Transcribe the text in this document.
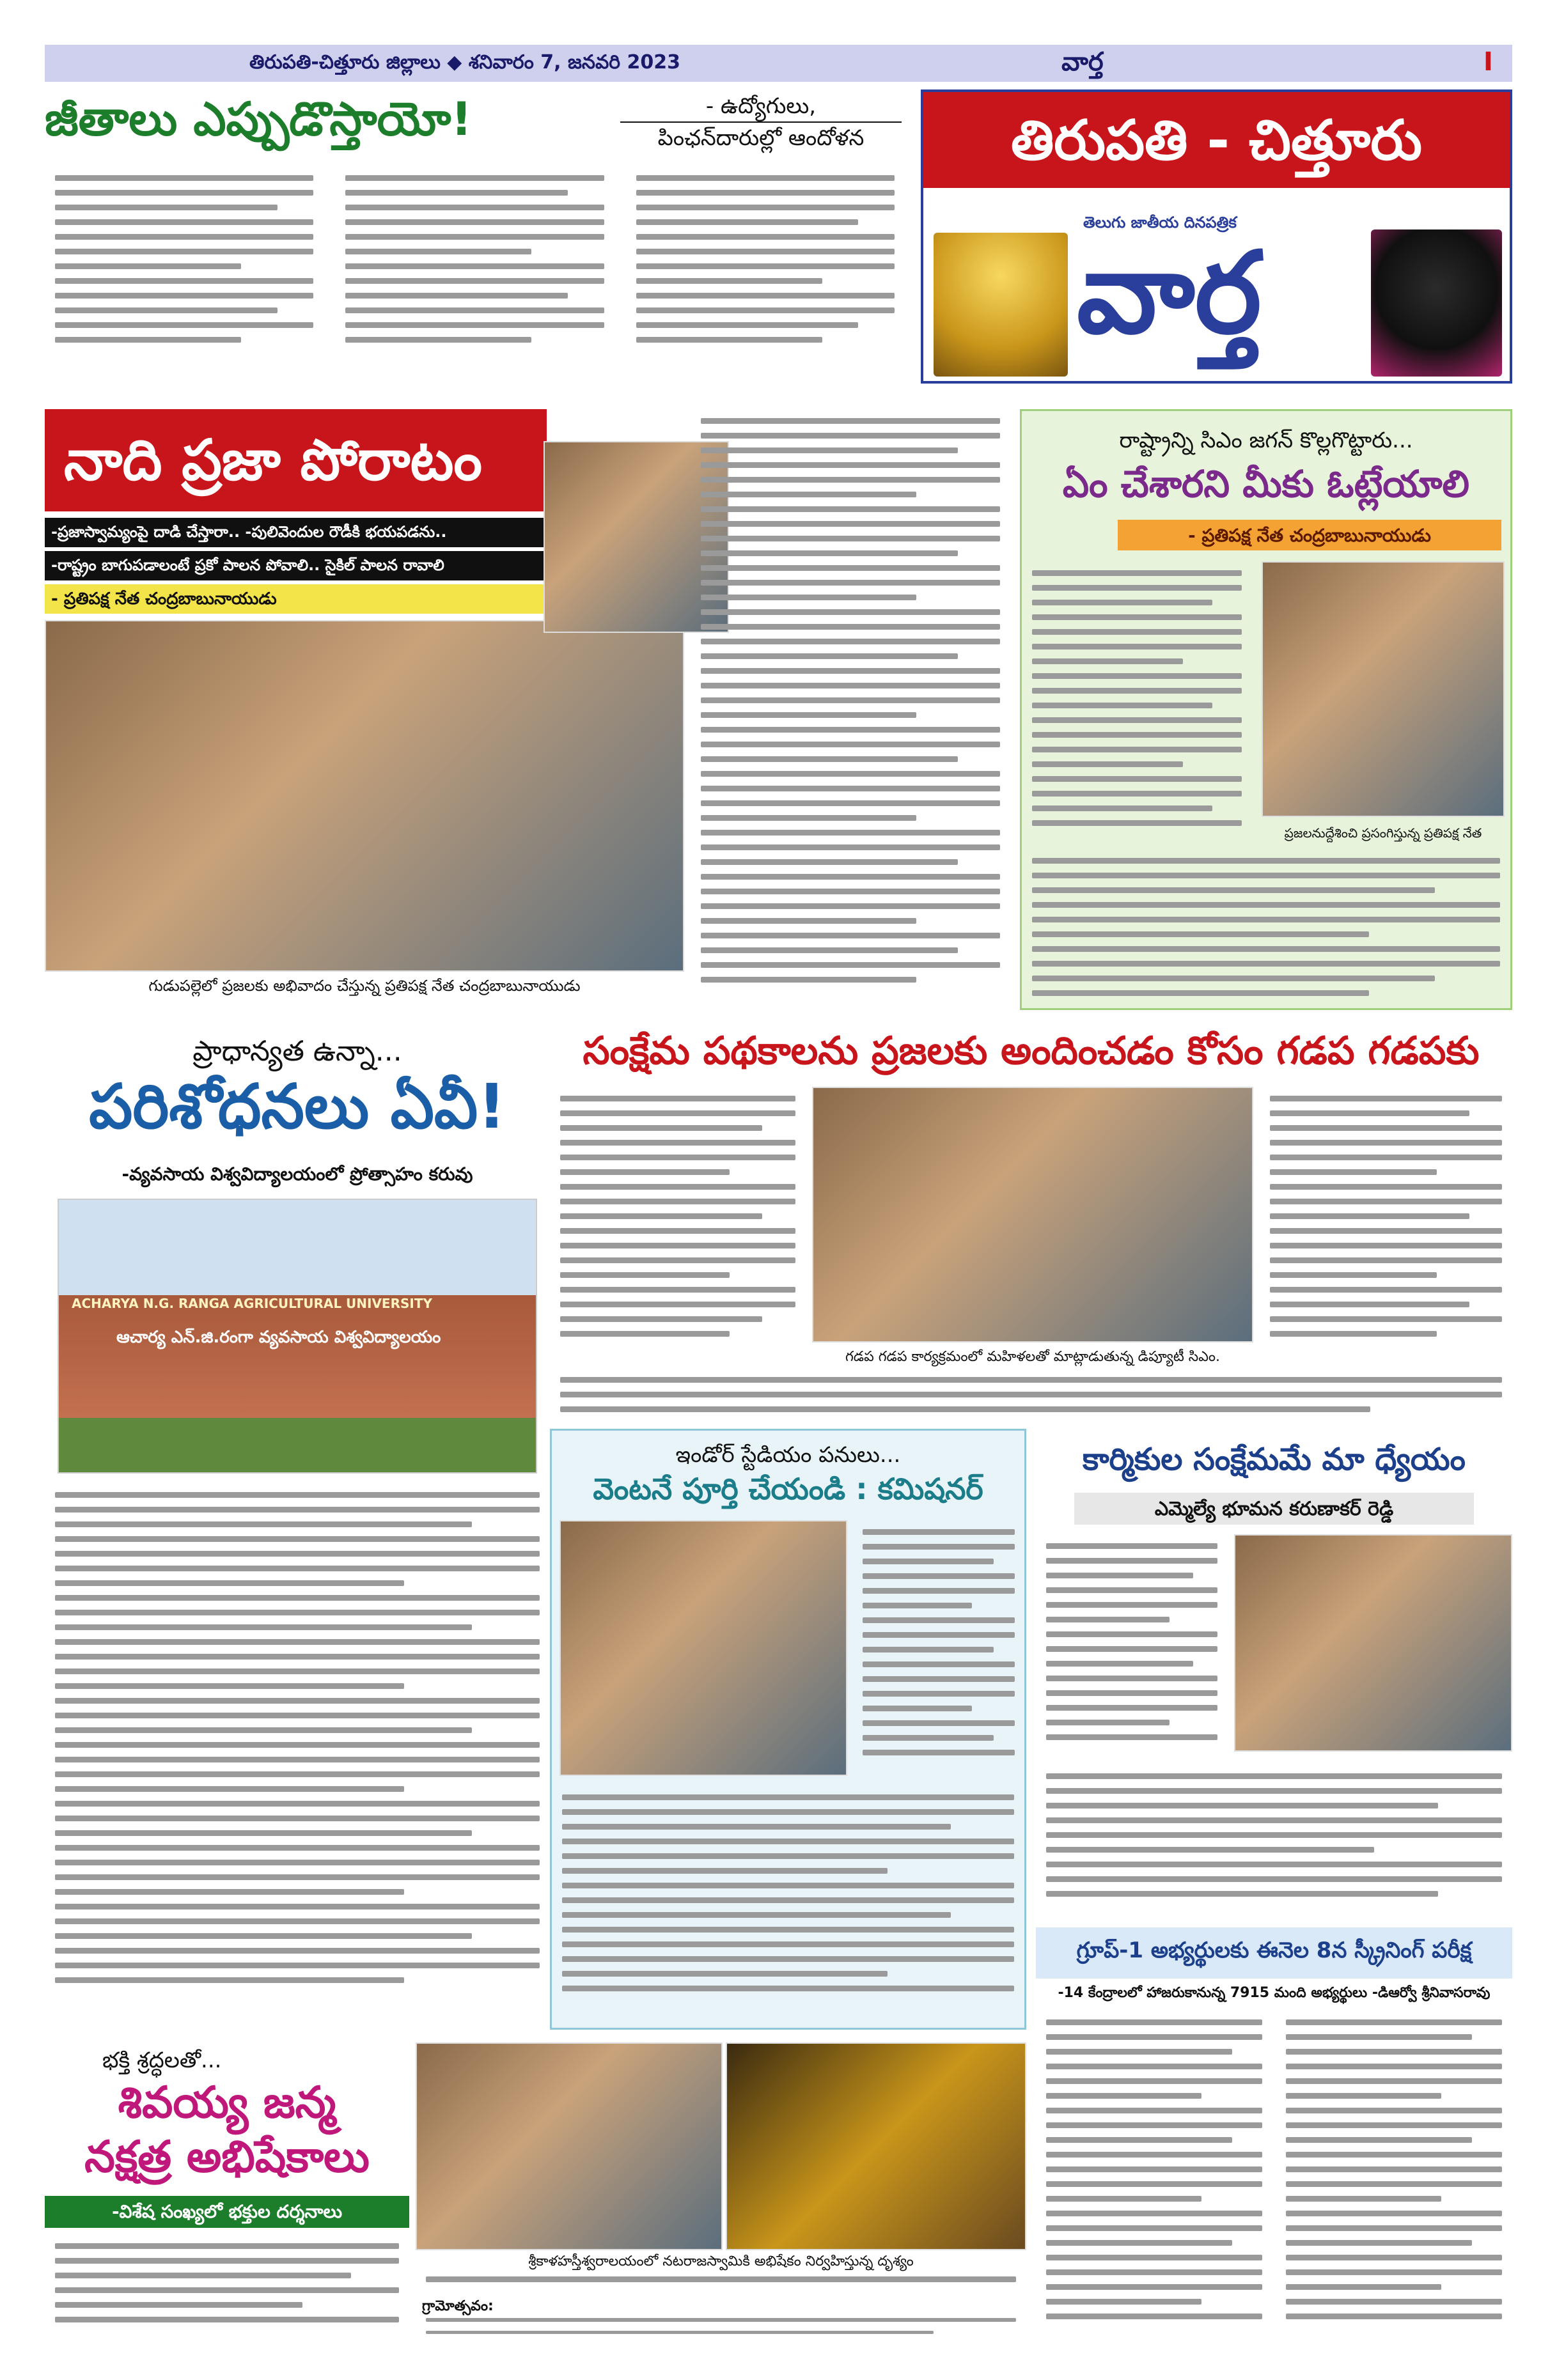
తిరుపతి-చిత్తూరు జిల్లాలు ◆ శనివారం 7, జనవరి 2023	వార్త	I
జీతాలు ఎప్పుడొస్తాయో!	- ఉద్యోగులు,
పింఛన్‌దారుల్లో ఆందోళన	తిరుపతి - చిత్తూరు
తెలుగు జాతీయ దినపత్రిక
వార్త
నాది ప్రజా పోరాటం
-ప్రజాస్వామ్యంపై దాడి చేస్తారా.. -పులివెందుల రౌడీకి భయపడను..
-రాష్ట్రం బాగుపడాలంటే ప్రకో పాలన పోవాలి.. సైకిల్ పాలన రావాలి
- ప్రతిపక్ష నేత చంద్రబాబునాయుడు
గుడుపల్లెలో ప్రజలకు అభివాదం చేస్తున్న ప్రతిపక్ష నేత చంద్రబాబునాయుడు
రాష్ట్రాన్ని సిఎం జగన్ కొల్లగొట్టారు...
ఏం చేశారని మీకు ఓట్లేయాలి
- ప్రతిపక్ష నేత చంద్రబాబునాయుడు
ప్రజలనుద్దేశించి ప్రసంగిస్తున్న ప్రతిపక్ష నేత
ప్రాధాన్యత ఉన్నా...
పరిశోధనలు ఏవీ!
-వ్యవసాయ విశ్వవిద్యాలయంలో ప్రోత్సాహం కరువు
ACHARYA N.G. RANGA AGRICULTURAL UNIVERSITY
ఆచార్య ఎన్.జి.రంగా వ్యవసాయ విశ్వవిద్యాలయం
సంక్షేమ పథకాలను ప్రజలకు అందించడం కోసం గడప గడపకు
గడప గడప కార్యక్రమంలో మహిళలతో మాట్లాడుతున్న డిప్యూటీ సిఎం.
ఇండోర్ స్టేడియం పనులు...
వెంటనే పూర్తి చేయండి : కమిషనర్
కార్మికుల సంక్షేమమే మా ధ్యేయం
ఎమ్మెల్యే భూమన కరుణాకర్ రెడ్డి
భక్తి శ్రద్ధలతో...
శివయ్య జన్మ
నక్షత్ర అభిషేకాలు
-విశేష సంఖ్యలో భక్తుల దర్శనాలు
శ్రీకాళహస్తీశ్వరాలయంలో నటరాజస్వామికి అభిషేకం నిర్వహిస్తున్న దృశ్యం
గ్రామోత్సవం:
గ్రూప్-1 అభ్యర్థులకు ఈనెల 8న స్క్రీనింగ్ పరీక్ష
-14 కేంద్రాలలో హాజరుకానున్న 7915 మంది అభ్యర్థులు -డిఆర్వో శ్రీనివాసరావు
